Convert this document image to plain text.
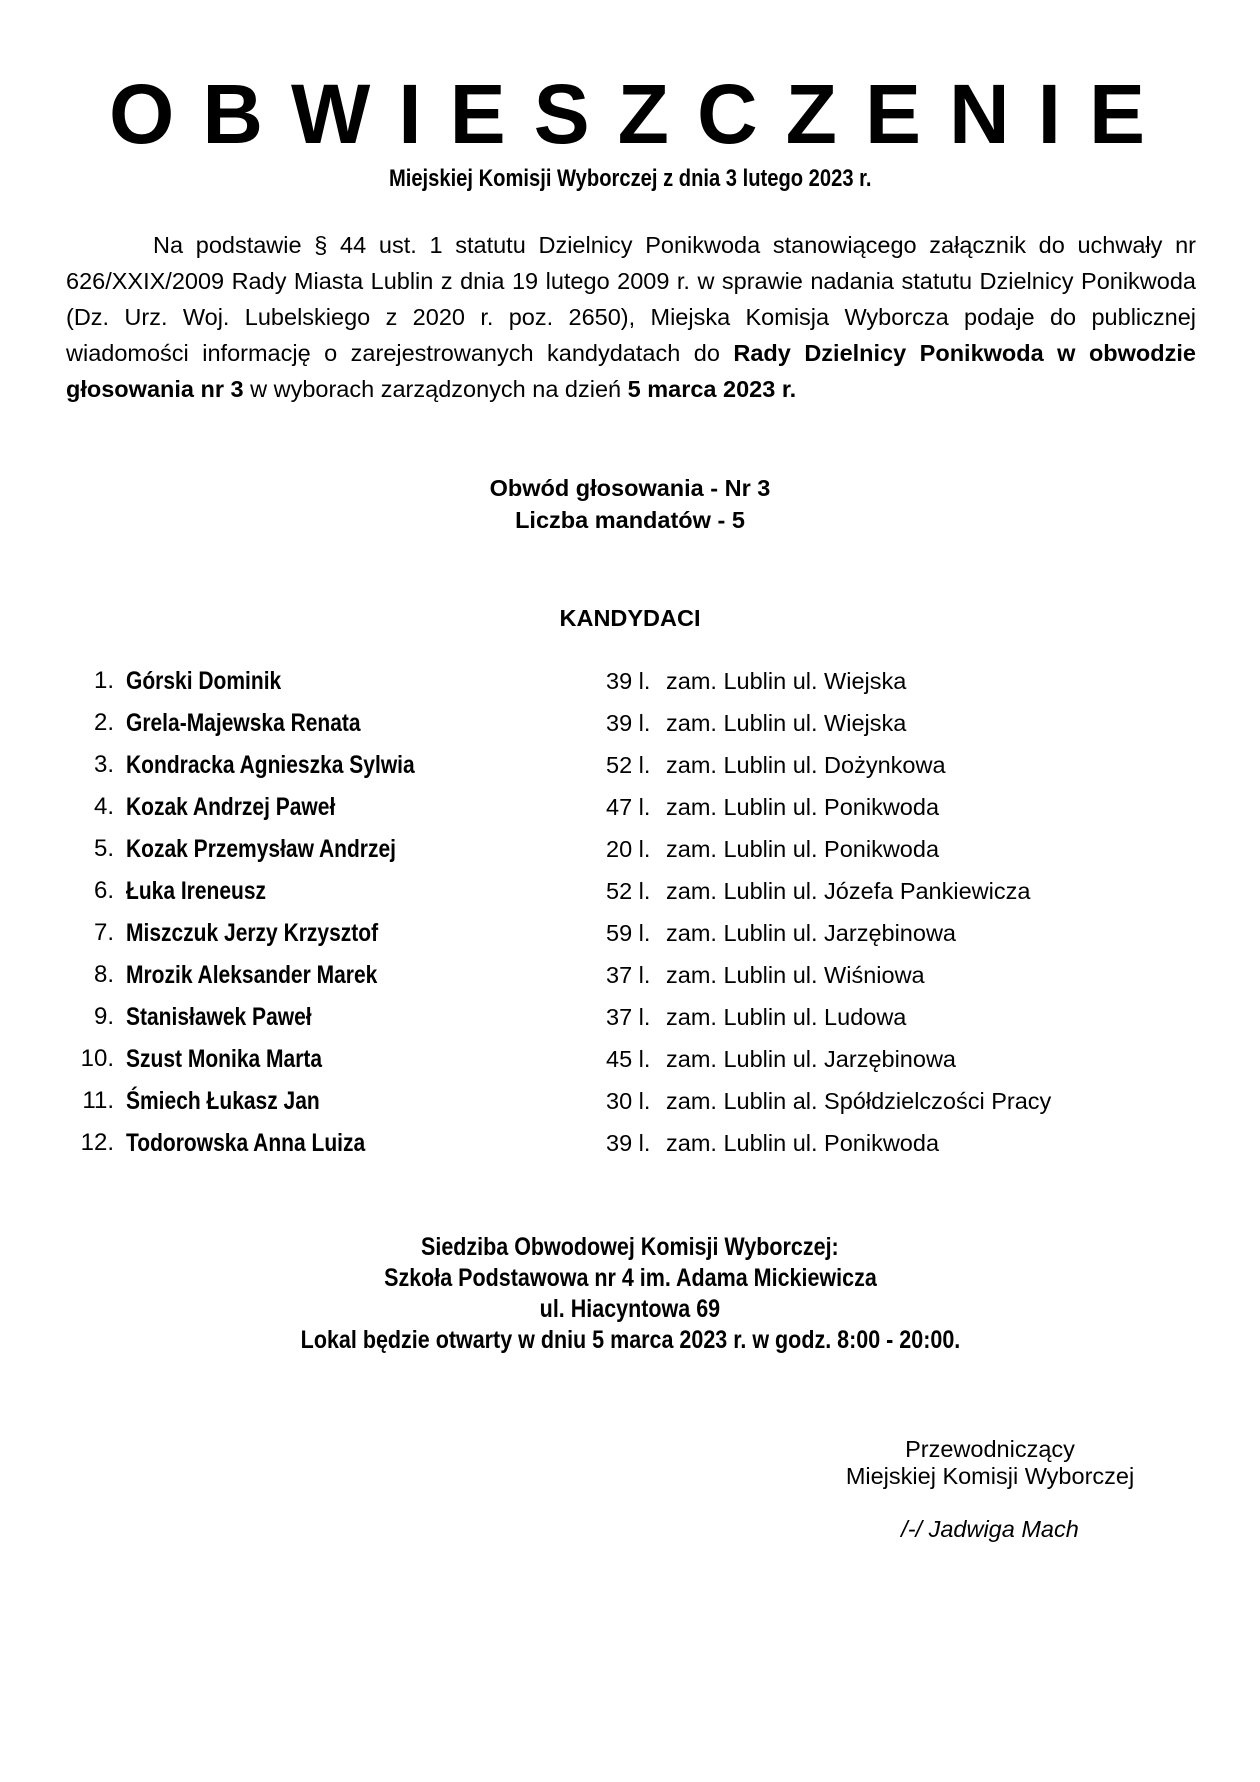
OBWIESZCZENIE
Miejskiej Komisji Wyborczej z dnia 3 lutego 2023 r.

Na podstawie § 44 ust. 1 statutu Dzielnicy Ponikwoda stanowiącego załącznik do uchwały nr 626/XXIX/2009 Rady Miasta Lublin z dnia 19 lutego 2009 r. w sprawie nadania statutu Dzielnicy Ponikwoda (Dz. Urz. Woj. Lubelskiego z 2020 r. poz. 2650), Miejska Komisja Wyborcza podaje do publicznej wiadomości informację o zarejestrowanych kandydatach do Rady Dzielnicy Ponikwoda w obwodzie głosowania nr 3 w wyborach zarządzonych na dzień 5 marca 2023 r.

Obwód głosowania - Nr 3
Liczba mandatów - 5
KANDYDACI
1. Górski Dominik	39 l. zam. Lublin ul. Wiejska
2. Grela-Majewska Renata	39 l. zam. Lublin ul. Wiejska
3. Kondracka Agnieszka Sylwia	52 l. zam. Lublin ul. Dożynkowa
4. Kozak Andrzej Paweł	47 l. zam. Lublin ul. Ponikwoda
5. Kozak Przemysław Andrzej	20 l. zam. Lublin ul. Ponikwoda
6. Łuka Ireneusz	52 l. zam. Lublin ul. Józefa Pankiewicza
7. Miszczuk Jerzy Krzysztof	59 l. zam. Lublin ul. Jarzębinowa
8. Mrozik Aleksander Marek	37 l. zam. Lublin ul. Wiśniowa
9. Stanisławek Paweł	37 l. zam. Lublin ul. Ludowa
10. Szust Monika Marta	45 l. zam. Lublin ul. Jarzębinowa
11. Śmiech Łukasz Jan	30 l. zam. Lublin al. Spółdzielczości Pracy
12. Todorowska Anna Luiza	39 l. zam. Lublin ul. Ponikwoda
Siedziba Obwodowej Komisji Wyborczej:
Szkoła Podstawowa nr 4 im. Adama Mickiewicza
ul. Hiacyntowa 69
Lokal będzie otwarty w dniu 5 marca 2023 r. w godz. 8:00 - 20:00.
Przewodniczący
Miejskiej Komisji Wyborczej
/-/ Jadwiga Mach
